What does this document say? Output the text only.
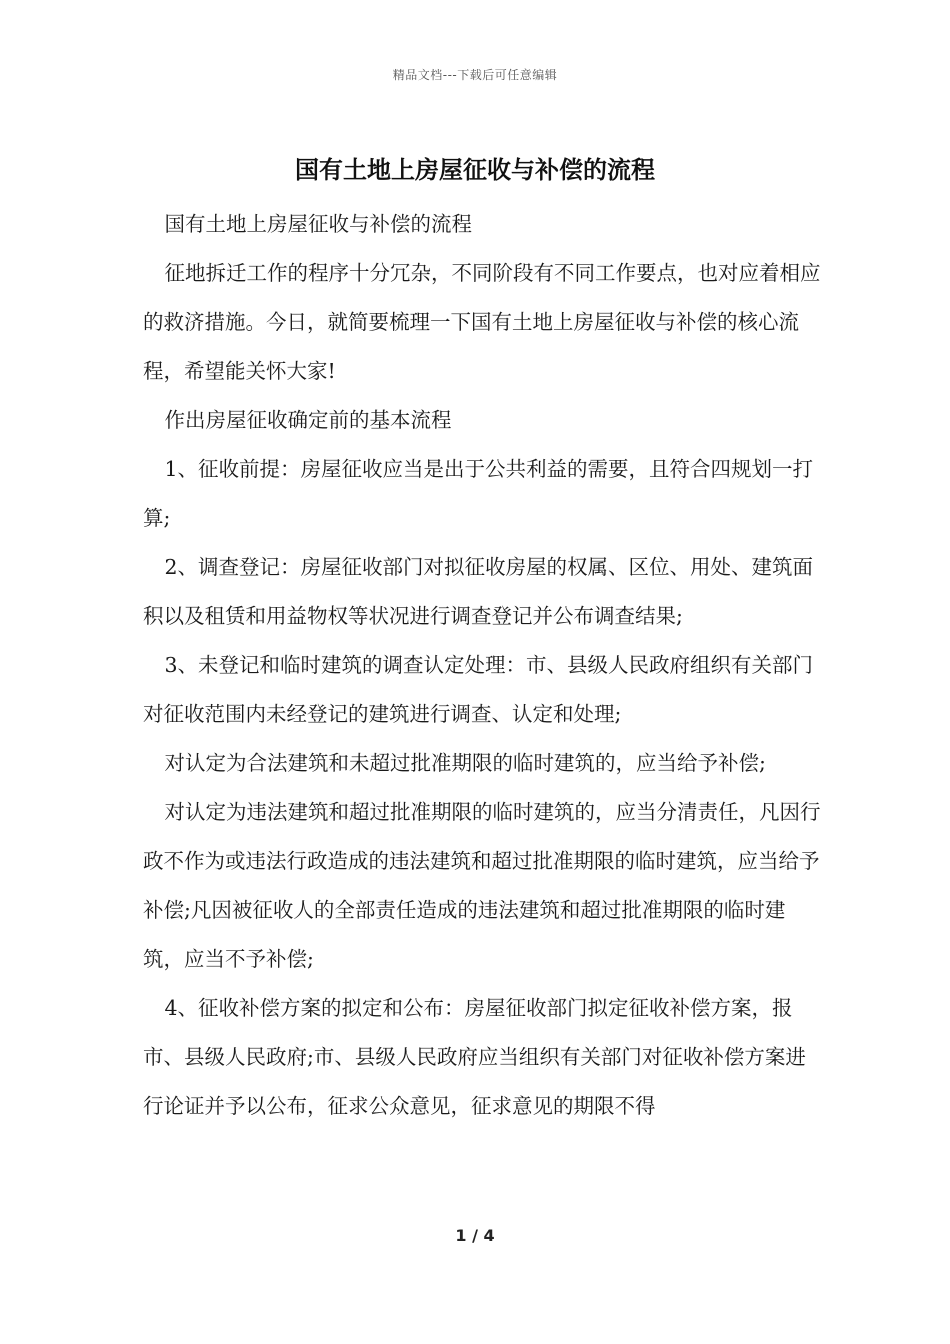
精品文档---下载后可任意编辑
国有土地上房屋征收与补偿的流程

国有土地上房屋征收与补偿的流程

征地拆迁工作的程序十分冗杂，不同阶段有不同工作要点，也对应着相应的救济措施。今日，就简要梳理一下国有土地上房屋征收与补偿的核心流程，希望能关怀大家!

作出房屋征收确定前的基本流程

1、征收前提：房屋征收应当是出于公共利益的需要，且符合四规划一打算;

2、调查登记：房屋征收部门对拟征收房屋的权属、区位、用处、建筑面积以及租赁和用益物权等状况进行调查登记并公布调查结果;

3、未登记和临时建筑的调查认定处理：市、县级人民政府组织有关部门对征收范围内未经登记的建筑进行调查、认定和处理;

对认定为合法建筑和未超过批准期限的临时建筑的，应当给予补偿;

对认定为违法建筑和超过批准期限的临时建筑的，应当分清责任，凡因行政不作为或违法行政造成的违法建筑和超过批准期限的临时建筑，应当给予补偿;凡因被征收人的全部责任造成的违法建筑和超过批准期限的临时建筑，应当不予补偿;

4、征收补偿方案的拟定和公布：房屋征收部门拟定征收补偿方案，报市、县级人民政府;市、县级人民政府应当组织有关部门对征收补偿方案进行论证并予以公布，征求公众意见，征求意见的期限不得

1 / 4
